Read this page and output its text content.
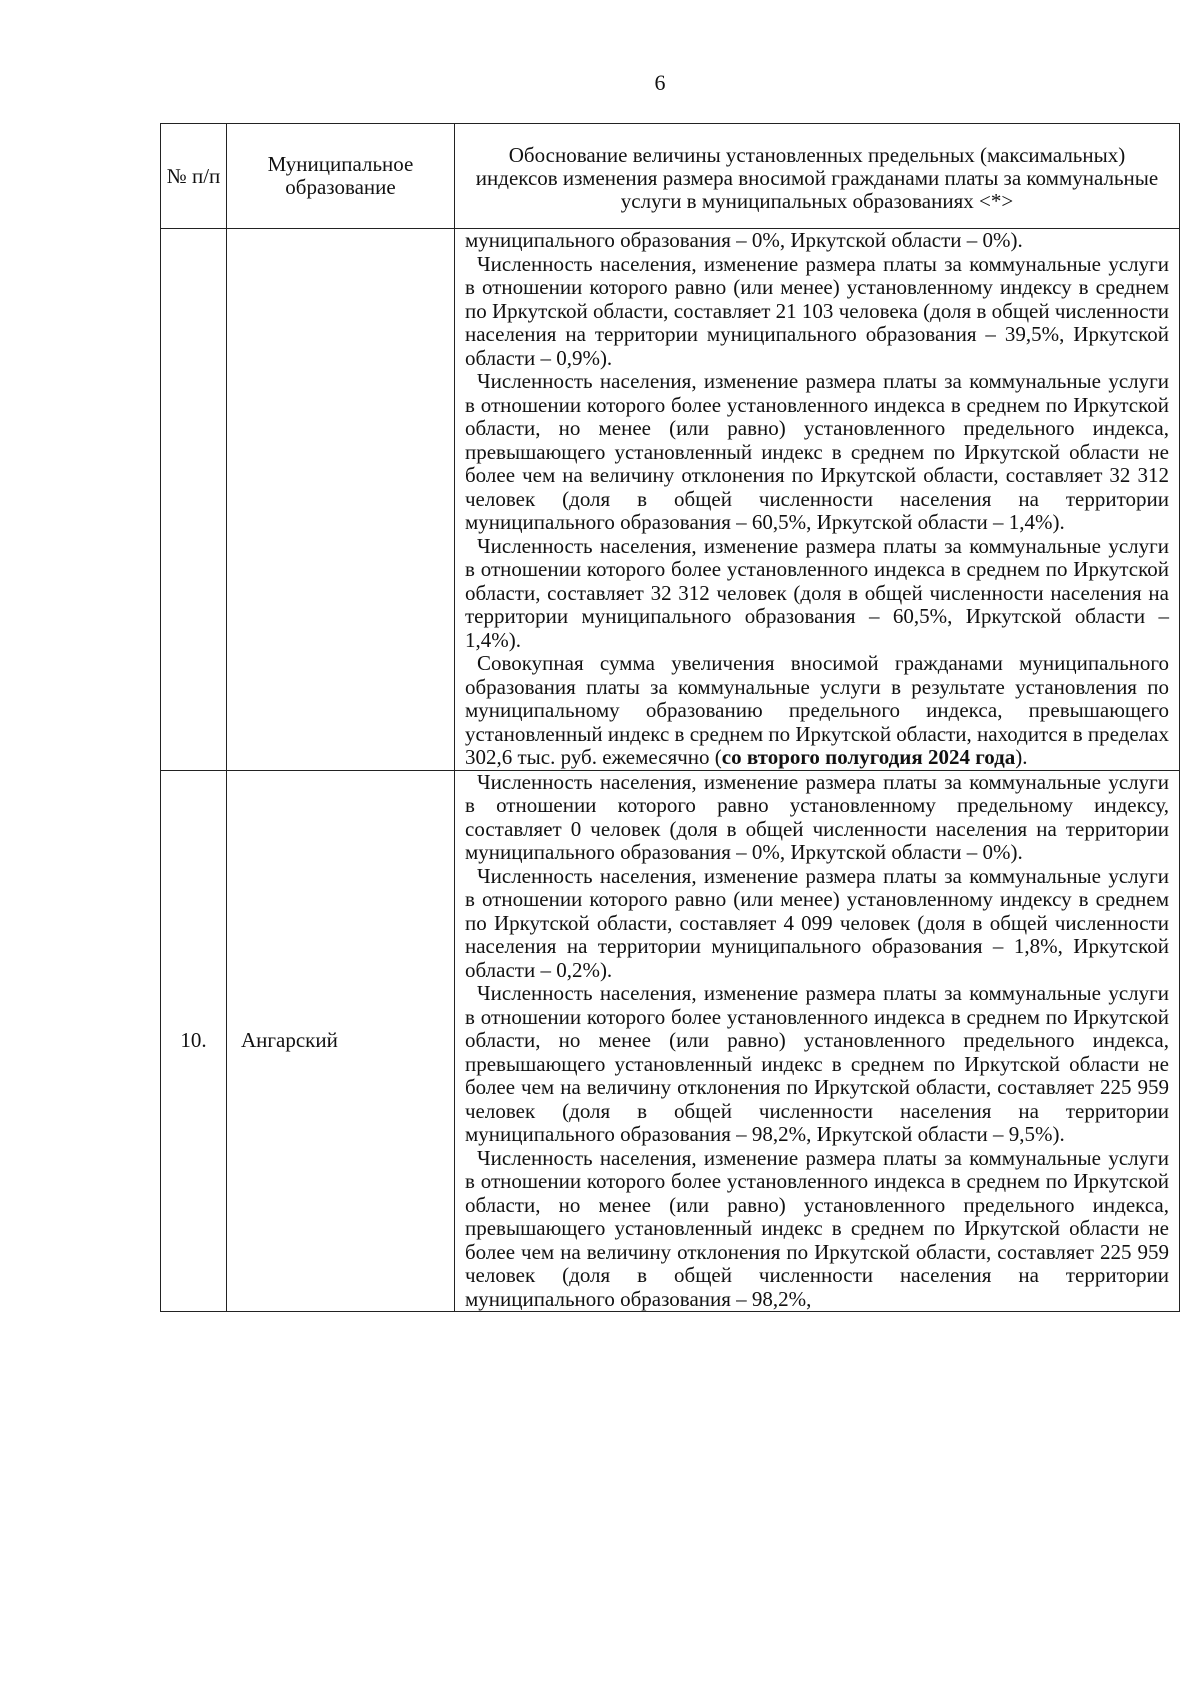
6
№ п/п	Муниципальное образование	Обоснование величины установленных предельных (максимальных) индексов изменения размера вносимой гражданами платы за коммунальные услуги в муниципальных образованиях <*>

		муниципального образования – 0%, Иркутской области – 0%).

Численность населения, изменение размера платы за коммунальные услуги в отношении которого равно (или менее) установленному индексу в среднем по Иркутской области, составляет 21 103 человека (доля в общей численности населения на территории муниципального образования – 39,5%, Иркутской области – 0,9%).

Численность населения, изменение размера платы за коммунальные услуги в отношении которого более установленного индекса в среднем по Иркутской области, но менее (или равно) установленного предельного индекса, превышающего установленный индекс в среднем по Иркутской области не более чем на величину отклонения по Иркутской области, составляет 32 312 человек (доля в общей численности населения на территории муниципального образования – 60,5%, Иркутской области – 1,4%).

Численность населения, изменение размера платы за коммунальные услуги в отношении которого более установленного индекса в среднем по Иркутской области, составляет 32 312 человек (доля в общей численности населения на территории муниципального образования – 60,5%, Иркутской области – 1,4%).

Совокупная сумма увеличения вносимой гражданами муниципального образования платы за коммунальные услуги в результате установления по муниципальному образованию предельного индекса, превышающего установленный индекс в среднем по Иркутской области, находится в пределах 302,6 тыс. руб. ежемесячно (со второго полугодия 2024 года).

10.	Ангарский	Численность населения, изменение размера платы за коммунальные услуги в отношении которого равно установленному предельному индексу, составляет 0 человек (доля в общей численности населения на территории муниципального образования – 0%, Иркутской области – 0%).

Численность населения, изменение размера платы за коммунальные услуги в отношении которого равно (или менее) установленному индексу в среднем по Иркутской области, составляет 4 099 человек (доля в общей численности населения на территории муниципального образования – 1,8%, Иркутской области – 0,2%).

Численность населения, изменение размера платы за коммунальные услуги в отношении которого более установленного индекса в среднем по Иркутской области, но менее (или равно) установленного предельного индекса, превышающего установленный индекс в среднем по Иркутской области не более чем на величину отклонения по Иркутской области, составляет 225 959 человек (доля в общей численности населения на территории муниципального образования – 98,2%, Иркутской области – 9,5%).

Численность населения, изменение размера платы за коммунальные услуги в отношении которого более установленного индекса в среднем по Иркутской области, но менее (или равно) установленного предельного индекса, превышающего установленный индекс в среднем по Иркутской области не более чем на величину отклонения по Иркутской области, составляет 225 959 человек (доля в общей численности населения на территории муниципального образования – 98,2%,
